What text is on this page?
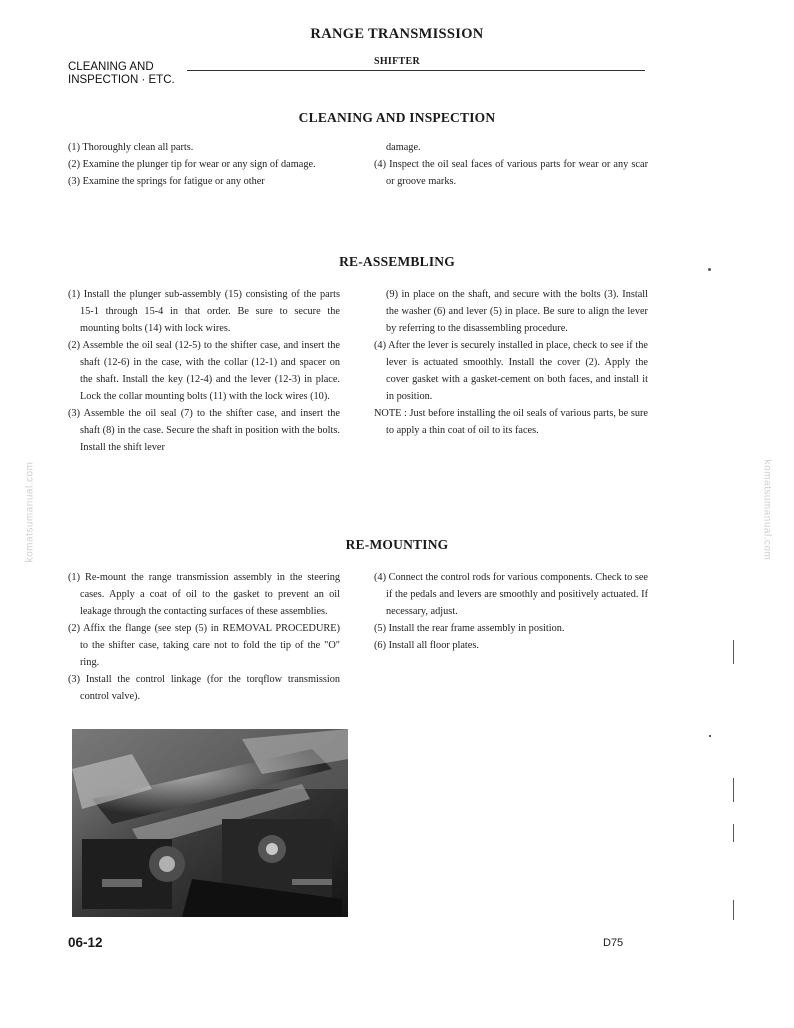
RANGE TRANSMISSION
SHIFTER
CLEANING AND
INSPECTION · ETC.
CLEANING AND INSPECTION

(1) Thoroughly clean all parts.

(2) Examine the plunger tip for wear or any sign of damage.

(3) Examine the springs for fatigue or any other

damage.

(4) Inspect the oil seal faces of various parts for wear or any scar or groove marks.

RE-ASSEMBLING

(1) Install the plunger sub-assembly (15) consisting of the parts 15-1 through 15-4 in that order. Be sure to secure the mounting bolts (14) with lock wires.

(2) Assemble the oil seal (12-5) to the shifter case, and insert the shaft (12-6) in the case, with the collar (12-1) and spacer on the shaft. Install the key (12-4) and the lever (12-3) in place. Lock the collar mounting bolts (11) with the lock wires (10).

(3) Assemble the oil seal (7) to the shifter case, and insert the shaft (8) in the case. Secure the shaft in position with the bolts. Install the shift lever

(9) in place on the shaft, and secure with the bolts (3). Install the washer (6) and lever (5) in place. Be sure to align the lever by referring to the disassembling procedure.

(4) After the lever is securely installed in place, check to see if the lever is actuated smoothly. Install the cover (2). Apply the cover gasket with a gasket-cement on both faces, and install it in position.

NOTE : Just before installing the oil seals of various parts, be sure to apply a thin coat of oil to its faces.

RE-MOUNTING

(1) Re-mount the range transmission assembly in the steering cases. Apply a coat of oil to the gasket to prevent an oil leakage through the contacting surfaces of these assemblies.

(2) Affix the flange (see step (5) in REMOVAL PROCEDURE) to the shifter case, taking care not to fold the tip of the "O" ring.

(3) Install the control linkage (for the torqflow transmission control valve).

(4) Connect the control rods for various components. Check to see if the pedals and levers are smoothly and positively actuated. If necessary, adjust.

(5) Install the rear frame assembly in position.

(6) Install all floor plates.

06-12	D75
komatsumanual.com	komatsumanual.com
